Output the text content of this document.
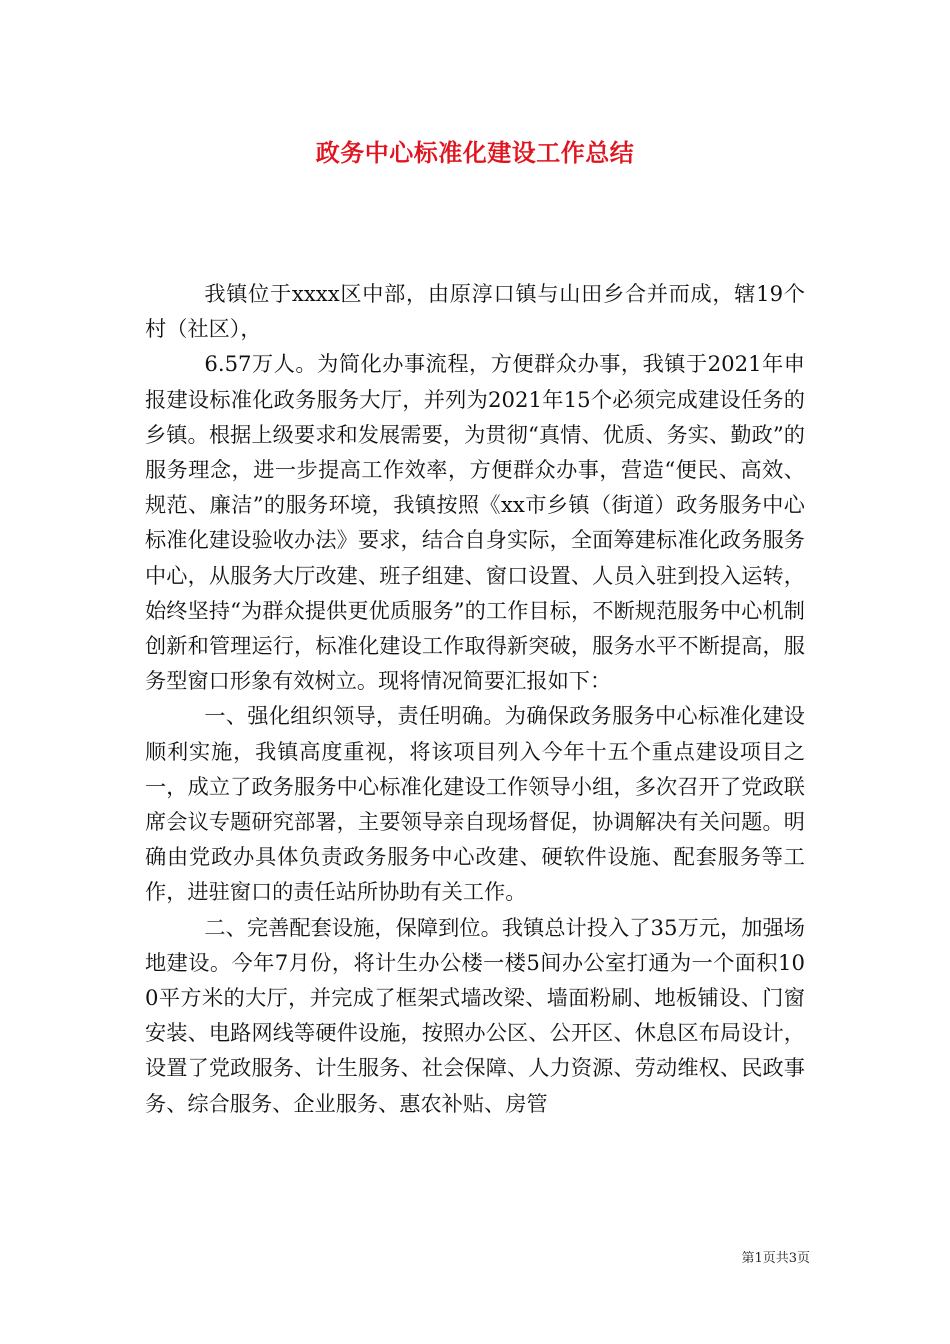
政务中心标准化建设工作总结

我镇位于xxxx区中部，由原淳口镇与山田乡合并而成，辖19个村（社区），

6.57万人。为简化办事流程，方便群众办事，我镇于2021年申报建设标准化政务服务大厅，并列为2021年15个必须完成建设任务的乡镇。根据上级要求和发展需要，为贯彻“真情、优质、务实、勤政”的服务理念，进一步提高工作效率，方便群众办事，营造“便民、高效、规范、廉洁”的服务环境，我镇按照《xx市乡镇（街道）政务服务中心标准化建设验收办法》要求，结合自身实际，全面筹建标准化政务服务中心，从服务大厅改建、班子组建、窗口设置、人员入驻到投入运转，始终坚持“为群众提供更优质服务”的工作目标，不断规范服务中心机制创新和管理运行，标准化建设工作取得新突破，服务水平不断提高，服务型窗口形象有效树立。现将情况简要汇报如下：

一、强化组织领导，责任明确。为确保政务服务中心标准化建设顺利实施，我镇高度重视，将该项目列入今年十五个重点建设项目之一，成立了政务服务中心标准化建设工作领导小组，多次召开了党政联席会议专题研究部署，主要领导亲自现场督促，协调解决有关问题。明确由党政办具体负责政务服务中心改建、硬软件设施、配套服务等工作，进驻窗口的责任站所协助有关工作。

二、完善配套设施，保障到位。我镇总计投入了35万元，加强场地建设。今年7月份，将计生办公楼一楼5间办公室打通为一个面积100平方米的大厅，并完成了框架式墙改梁、墙面粉刷、地板铺设、门窗安装、电路网线等硬件设施，按照办公区、公开区、休息区布局设计，设置了党政服务、计生服务、社会保障、人力资源、劳动维权、民政事务、综合服务、企业服务、惠农补贴、房管

第1页共3页
